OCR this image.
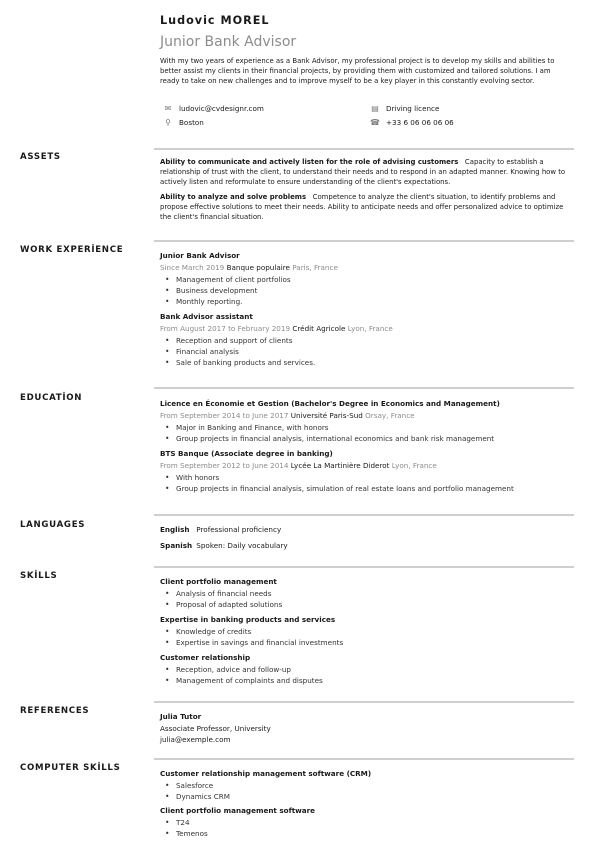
Ludovic MOREL
Junior Bank Advisor
With my two years of experience as a Bank Advisor, my professional project is to develop my skills and abilities to better assist my clients in their financial projects, by providing them with customized and tailored solutions. I am ready to take on new challenges and to improve myself to be a key player in this constantly evolving sector.
✉ ludovic@cvdesignr.com
⚲ Boston
▤ Driving licence
☎ +33 6 06 06 06 06
ASSETS	Ability to communicate and actively listen for the role of advising customers Capacity to establish a relationship of trust with the client, to understand their needs and to respond in an adapted manner. Knowing how to actively listen and reformulate to ensure understanding of the client's expectations.
Ability to analyze and solve problems Competence to analyze the client's situation, to identify problems and propose effective solutions to meet their needs. Ability to anticipate needs and offer personalized advice to optimize the client's financial situation.
WORK EXPERİENCE
Junior Bank Advisor
Since March 2019 Banque populaire Paris, France
• Management of client portfolios
• Business development
• Monthly reporting.
Bank Advisor assistant
From August 2017 to February 2019 Crédit Agricole Lyon, France
• Reception and support of clients
• Financial analysis
• Sale of banking products and services.
EDUCATİON
Licence en Économie et Gestion (Bachelor's Degree in Economics and Management)
From September 2014 to June 2017 Université Paris-Sud Orsay, France
• Major in Banking and Finance, with honors
• Group projects in financial analysis, international economics and bank risk management
BTS Banque (Associate degree in banking)
From September 2012 to June 2014 Lycée La Martinière Diderot Lyon, France
• With honors
• Group projects in financial analysis, simulation of real estate loans and portfolio management
LANGUAGES	English Professional proficiency
Spanish Spoken: Daily vocabulary
SKİLLS
Client portfolio management
• Analysis of financial needs
• Proposal of adapted solutions
Expertise in banking products and services
• Knowledge of credits
• Expertise in savings and financial investments
Customer relationship
• Reception, advice and follow-up
• Management of complaints and disputes
REFERENCES
Julia Tutor
Associate Professor, University
julia@exemple.com
COMPUTER SKİLLS
Customer relationship management software (CRM)
• Salesforce
• Dynamics CRM
Client portfolio management software
• T24
• Temenos
